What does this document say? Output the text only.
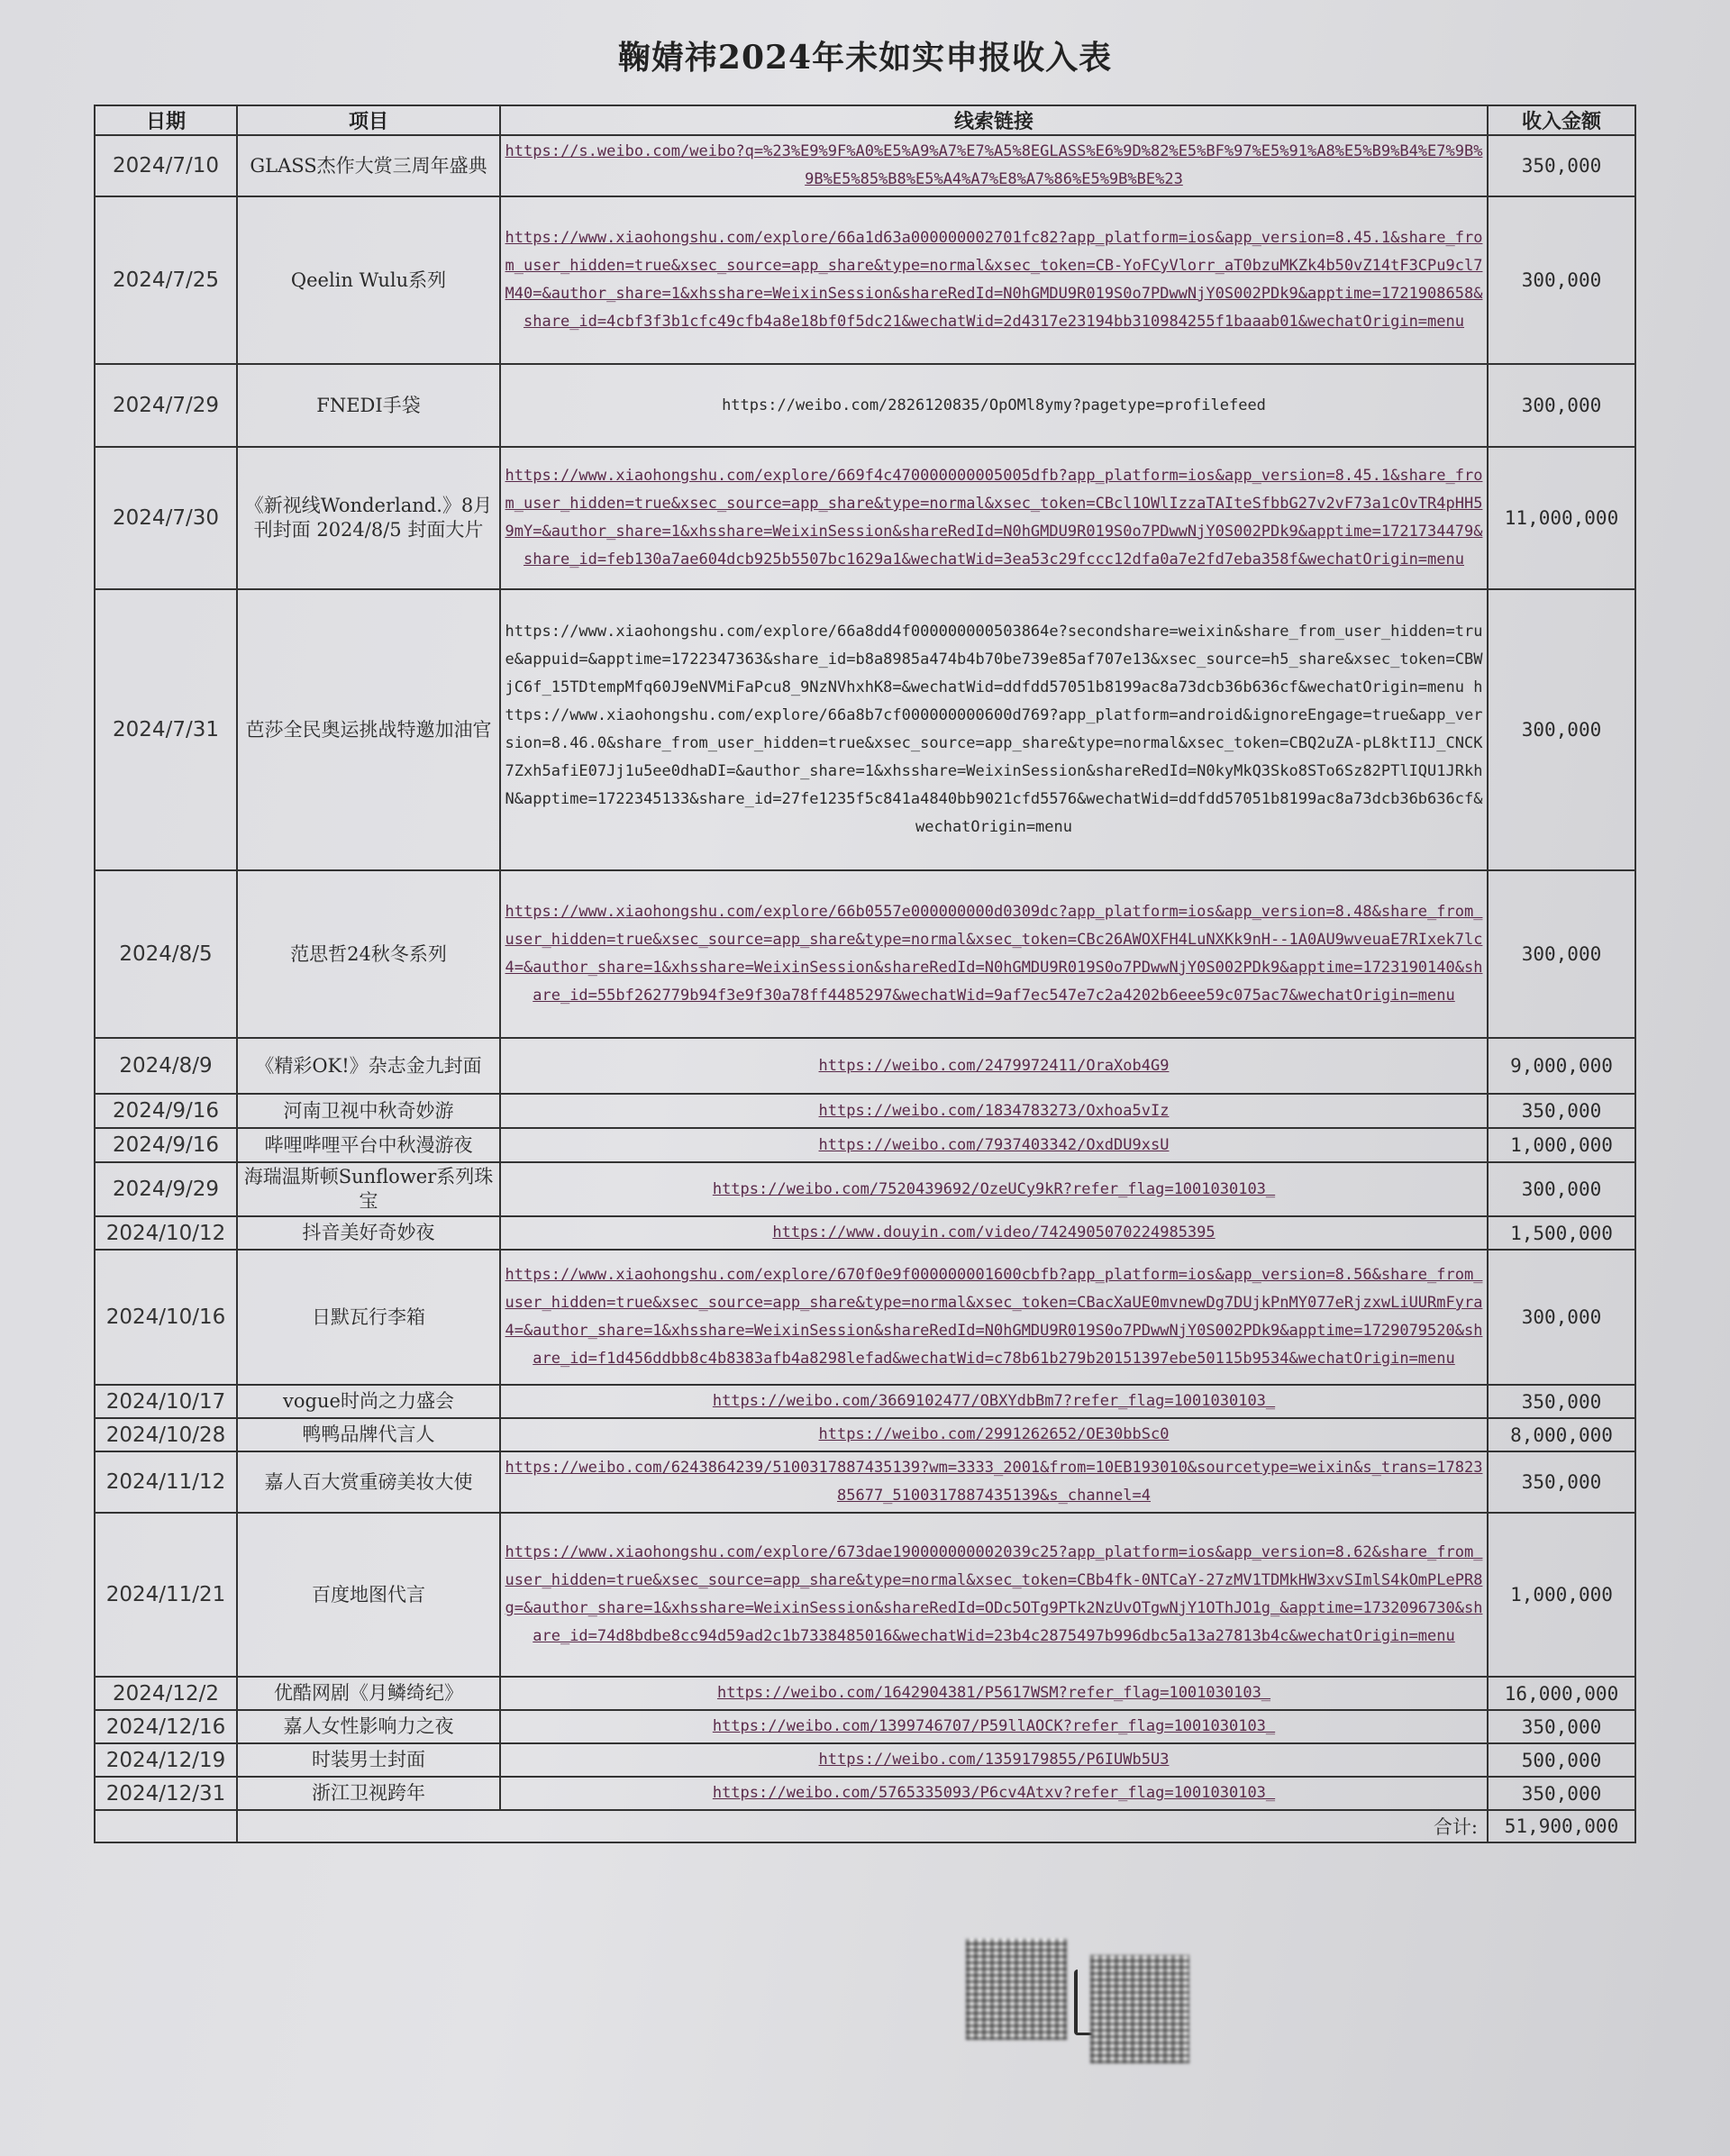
鞠婧祎2024年未如实申报收入表
日期	项目	线索链接	收入金额
2024/7/10	GLASS杰作大赏三周年盛典	https://s.weibo.com/weibo?q=%23%E9%9F%A0%E5%A9%A7%E7%A5%8EGLASS%E6%9D%82%E5%BF%97%E5%91%A8%E5%B9%B4%E7%9B%9B%E5%85%B8%E5%A4%A7%E8%A7%86%E5%9B%BE%23	350,000
2024/7/25	Qeelin Wulu系列	https://www.xiaohongshu.com/explore/66a1d63a000000002701fc82?app_platform=ios&app_version=8.45.1&share_from_user_hidden=true&xsec_source=app_share&type=normal&xsec_token=CB-YoFCyVlorr_aT0bzuMKZk4b50vZ14tF3CPu9cl7M40=&author_share=1&xhsshare=WeixinSession&shareRedId=N0hGMDU9R019S0o7PDwwNjY0S002PDk9&apptime=1721908658&share_id=4cbf3f3b1cfc49cfb4a8e18bf0f5dc21&wechatWid=2d4317e23194bb310984255f1baaab01&wechatOrigin=menu	300,000
2024/7/29	FNEDI手袋	https://weibo.com/2826120835/OpOMl8ymy?pagetype=profilefeed	300,000
2024/7/30	《新视线Wonderland.》8月刊封面 2024/8/5 封面大片	https://www.xiaohongshu.com/explore/669f4c470000000005005dfb?app_platform=ios&app_version=8.45.1&share_from_user_hidden=true&xsec_source=app_share&type=normal&xsec_token=CBcl1OWlIzzaTAIteSfbbG27v2vF73a1cOvTR4pHH59mY=&author_share=1&xhsshare=WeixinSession&shareRedId=N0hGMDU9R019S0o7PDwwNjY0S002PDk9&apptime=1721734479&share_id=feb130a7ae604dcb925b5507bc1629a1&wechatWid=3ea53c29fccc12dfa0a7e2fd7eba358f&wechatOrigin=menu	11,000,000
2024/7/31	芭莎全民奥运挑战特邀加油官	https://www.xiaohongshu.com/explore/66a8dd4f000000000503864e?secondshare=weixin&share_from_user_hidden=true&appuid=&apptime=1722347363&share_id=b8a8985a474b4b70be739e85af707e13&xsec_source=h5_share&xsec_token=CBWjC6f_15TDtempMfq60J9eNVMiFaPcu8_9NzNVhxhK8=&wechatWid=ddfdd57051b8199ac8a73dcb36b636cf&wechatOrigin=menu https://www.xiaohongshu.com/explore/66a8b7cf000000000600d769?app_platform=android&ignoreEngage=true&app_version=8.46.0&share_from_user_hidden=true&xsec_source=app_share&type=normal&xsec_token=CBQ2uZA-pL8ktI1J_CNCK7Zxh5afiE07Jj1u5ee0dhaDI=&author_share=1&xhsshare=WeixinSession&shareRedId=N0kyMkQ3Sko8STo6Sz82PTlIQU1JRkhN&apptime=1722345133&share_id=27fe1235f5c841a4840bb9021cfd5576&wechatWid=ddfdd57051b8199ac8a73dcb36b636cf&wechatOrigin=menu	300,000
2024/8/5	范思哲24秋冬系列	https://www.xiaohongshu.com/explore/66b0557e000000000d0309dc?app_platform=ios&app_version=8.48&share_from_user_hidden=true&xsec_source=app_share&type=normal&xsec_token=CBc26AWOXFH4LuNXKk9nH--1A0AU9wveuaE7RIxek7lc4=&author_share=1&xhsshare=WeixinSession&shareRedId=N0hGMDU9R019S0o7PDwwNjY0S002PDk9&apptime=1723190140&share_id=55bf262779b94f3e9f30a78ff4485297&wechatWid=9af7ec547e7c2a4202b6eee59c075ac7&wechatOrigin=menu	300,000
2024/8/9	《精彩OK!》杂志金九封面	https://weibo.com/2479972411/OraXob4G9	9,000,000
2024/9/16	河南卫视中秋奇妙游	https://weibo.com/1834783273/Oxhoa5vIz	350,000
2024/9/16	哔哩哔哩平台中秋漫游夜	https://weibo.com/7937403342/OxdDU9xsU	1,000,000
2024/9/29	海瑞温斯顿Sunflower系列珠宝	https://weibo.com/7520439692/OzeUCy9kR?refer_flag=1001030103_	300,000
2024/10/12	抖音美好奇妙夜	https://www.douyin.com/video/7424905070224985395	1,500,000
2024/10/16	日默瓦行李箱	https://www.xiaohongshu.com/explore/670f0e9f000000001600cbfb?app_platform=ios&app_version=8.56&share_from_user_hidden=true&xsec_source=app_share&type=normal&xsec_token=CBacXaUE0mvnewDg7DUjkPnMY077eRjzxwLiUURmFyra4=&author_share=1&xhsshare=WeixinSession&shareRedId=N0hGMDU9R019S0o7PDwwNjY0S002PDk9&apptime=1729079520&share_id=f1d456ddbb8c4b8383afb4a8298lefad&wechatWid=c78b61b279b20151397ebe50115b9534&wechatOrigin=menu	300,000
2024/10/17	vogue时尚之力盛会	https://weibo.com/3669102477/OBXYdbBm7?refer_flag=1001030103_	350,000
2024/10/28	鸭鸭品牌代言人	https://weibo.com/2991262652/OE30bbSc0	8,000,000
2024/11/12	嘉人百大赏重磅美妆大使	https://weibo.com/6243864239/5100317887435139?wm=3333_2001&from=10EB193010&sourcetype=weixin&s_trans=1782385677_5100317887435139&s_channel=4	350,000
2024/11/21	百度地图代言	https://www.xiaohongshu.com/explore/673dae190000000002039c25?app_platform=ios&app_version=8.62&share_from_user_hidden=true&xsec_source=app_share&type=normal&xsec_token=CBb4fk-0NTCaY-27zMV1TDMkHW3xvSImlS4kOmPLePR8g=&author_share=1&xhsshare=WeixinSession&shareRedId=ODc5OTg9PTk2NzUvOTgwNjY1OThJO1g_&apptime=1732096730&share_id=74d8bdbe8cc94d59ad2c1b7338485016&wechatWid=23b4c2875497b996dbc5a13a27813b4c&wechatOrigin=menu	1,000,000
2024/12/2	优酷网剧《月鳞绮纪》	https://weibo.com/1642904381/P5617WSM?refer_flag=1001030103_	16,000,000
2024/12/16	嘉人女性影响力之夜	https://weibo.com/1399746707/P59llAOCK?refer_flag=1001030103_	350,000
2024/12/19	时装男士封面	https://weibo.com/1359179855/P6IUWb5U3	500,000
2024/12/31	浙江卫视跨年	https://weibo.com/5765335093/P6cv4Atxv?refer_flag=1001030103_	350,000
	合计:		51,900,000
